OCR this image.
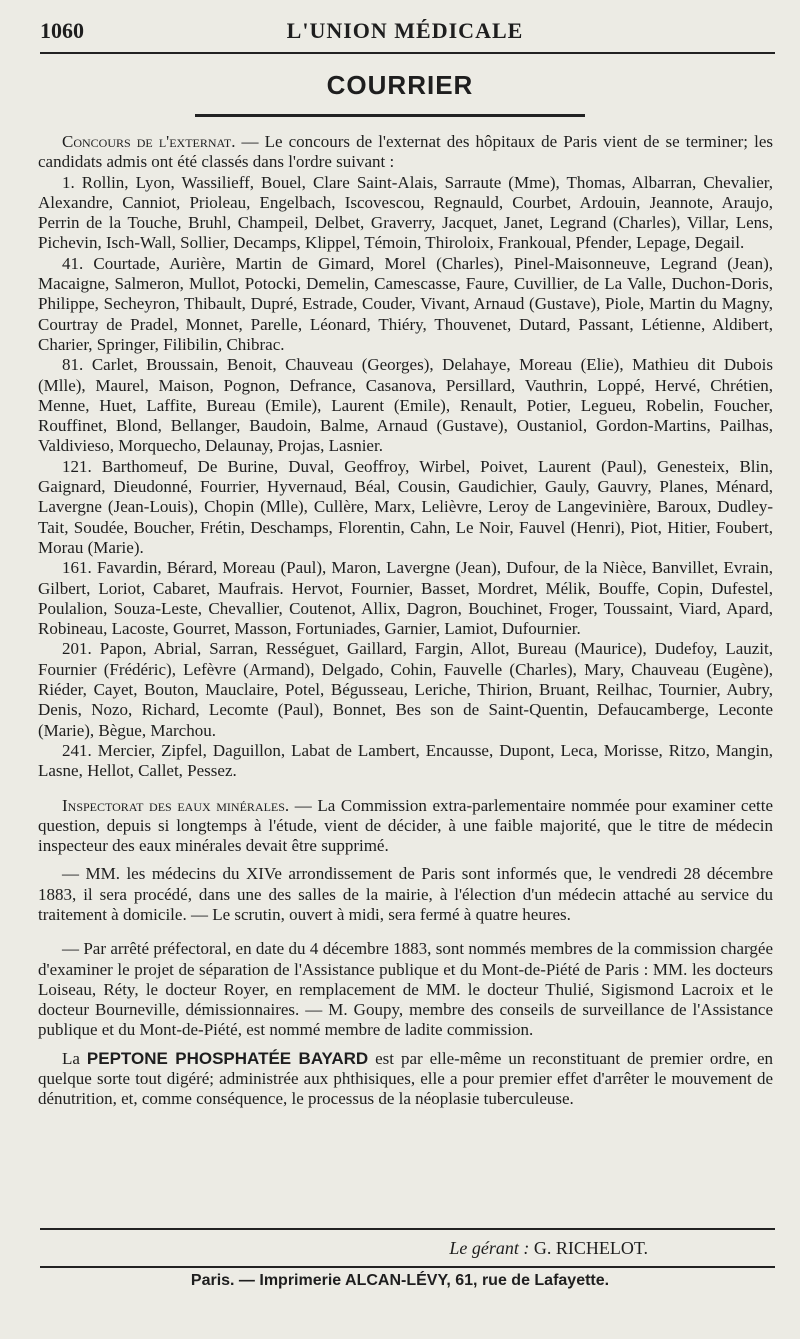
1060	L'UNION MÉDICALE
COURRIER

Concours de l'externat. — Le concours de l'externat des hôpitaux de Paris vient de se terminer; les candidats admis ont été classés dans l'ordre suivant :

1. Rollin, Lyon, Wassilieff, Bouel, Clare Saint-Alais, Sarraute (Mme), Thomas, Albarran, Chevalier, Alexandre, Canniot, Prioleau, Engelbach, Iscovescou, Regnauld, Courbet, Ardouin, Jeannote, Araujo, Perrin de la Touche, Bruhl, Champeil, Delbet, Graverry, Jacquet, Janet, Legrand (Charles), Villar, Lens, Pichevin, Isch-Wall, Sollier, Decamps, Klippel, Témoin, Thiroloix, Frankoual, Pfender, Lepage, Degail.

41. Courtade, Aurière, Martin de Gimard, Morel (Charles), Pinel-Maisonneuve, Legrand (Jean), Macaigne, Salmeron, Mullot, Potocki, Demelin, Camescasse, Faure, Cuvillier, de La Valle, Duchon-Doris, Philippe, Secheyron, Thibault, Dupré, Estrade, Couder, Vivant, Arnaud (Gustave), Piole, Martin du Magny, Courtray de Pradel, Monnet, Parelle, Léonard, Thiéry, Thouvenet, Dutard, Passant, Létienne, Aldibert, Charier, Springer, Filibilin, Chibrac.

81. Carlet, Broussain, Benoit, Chauveau (Georges), Delahaye, Moreau (Elie), Mathieu dit Dubois (Mlle), Maurel, Maison, Pognon, Defrance, Casanova, Persillard, Vauthrin, Loppé, Hervé, Chrétien, Menne, Huet, Laffite, Bureau (Emile), Laurent (Emile), Renault, Potier, Legueu, Robelin, Foucher, Rouffinet, Blond, Bellanger, Baudoin, Balme, Arnaud (Gustave), Oustaniol, Gordon-Martins, Pailhas, Valdivieso, Morquecho, Delaunay, Projas, Lasnier.

121. Barthomeuf, De Burine, Duval, Geoffroy, Wirbel, Poivet, Laurent (Paul), Genesteix, Blin, Gaignard, Dieudonné, Fourrier, Hyvernaud, Béal, Cousin, Gaudichier, Gauly, Gauvry, Planes, Ménard, Lavergne (Jean-Louis), Chopin (Mlle), Cullère, Marx, Lelièvre, Leroy de Langevinière, Baroux, Dudley-Tait, Soudée, Boucher, Frétin, Deschamps, Florentin, Cahn, Le Noir, Fauvel (Henri), Piot, Hitier, Foubert, Morau (Marie).

161. Favardin, Bérard, Moreau (Paul), Maron, Lavergne (Jean), Dufour, de la Nièce, Banvillet, Evrain, Gilbert, Loriot, Cabaret, Maufrais. Hervot, Fournier, Basset, Mordret, Mélik, Bouffe, Copin, Dufestel, Poulalion, Souza-Leste, Chevallier, Coutenot, Allix, Dagron, Bouchinet, Froger, Toussaint, Viard, Apard, Robineau, Lacoste, Gourret, Masson, Fortuniades, Garnier, Lamiot, Dufournier.

201. Papon, Abrial, Sarran, Rességuet, Gaillard, Fargin, Allot, Bureau (Maurice), Dudefoy, Lauzit, Fournier (Frédéric), Lefèvre (Armand), Delgado, Cohin, Fauvelle (Charles), Mary, Chauveau (Eugène), Riéder, Cayet, Bouton, Mauclaire, Potel, Bégusseau, Leriche, Thirion, Bruant, Reilhac, Tournier, Aubry, Denis, Nozo, Richard, Lecomte (Paul), Bonnet, Bes son de Saint-Quentin, Defaucamberge, Leconte (Marie), Bègue, Marchou.

241. Mercier, Zipfel, Daguillon, Labat de Lambert, Encausse, Dupont, Leca, Morisse, Ritzo, Mangin, Lasne, Hellot, Callet, Pessez.

Inspectorat des eaux minérales. — La Commission extra-parlementaire nommée pour examiner cette question, depuis si longtemps à l'étude, vient de décider, à une faible majorité, que le titre de médecin inspecteur des eaux minérales devait être supprimé.

— MM. les médecins du XIVe arrondissement de Paris sont informés que, le vendredi 28 décembre 1883, il sera procédé, dans une des salles de la mairie, à l'élection d'un médecin attaché au service du traitement à domicile. — Le scrutin, ouvert à midi, sera fermé à quatre heures.

— Par arrêté préfectoral, en date du 4 décembre 1883, sont nommés membres de la commission chargée d'examiner le projet de séparation de l'Assistance publique et du Mont-de-Piété de Paris : MM. les docteurs Loiseau, Réty, le docteur Royer, en remplacement de MM. le docteur Thulié, Sigismond Lacroix et le docteur Bourneville, démissionnaires. — M. Goupy, membre des conseils de surveillance de l'Assistance publique et du Mont-de-Piété, est nommé membre de ladite commission.

La PEPTONE PHOSPHATÉE BAYARD est par elle-même un reconstituant de premier ordre, en quelque sorte tout digéré; administrée aux phthisiques, elle a pour premier effet d'arrêter le mouvement de dénutrition, et, comme conséquence, le processus de la néoplasie tuberculeuse.

Le gérant : G. RICHELOT.
Paris. — Imprimerie ALCAN-LÉVY, 61, rue de Lafayette.
